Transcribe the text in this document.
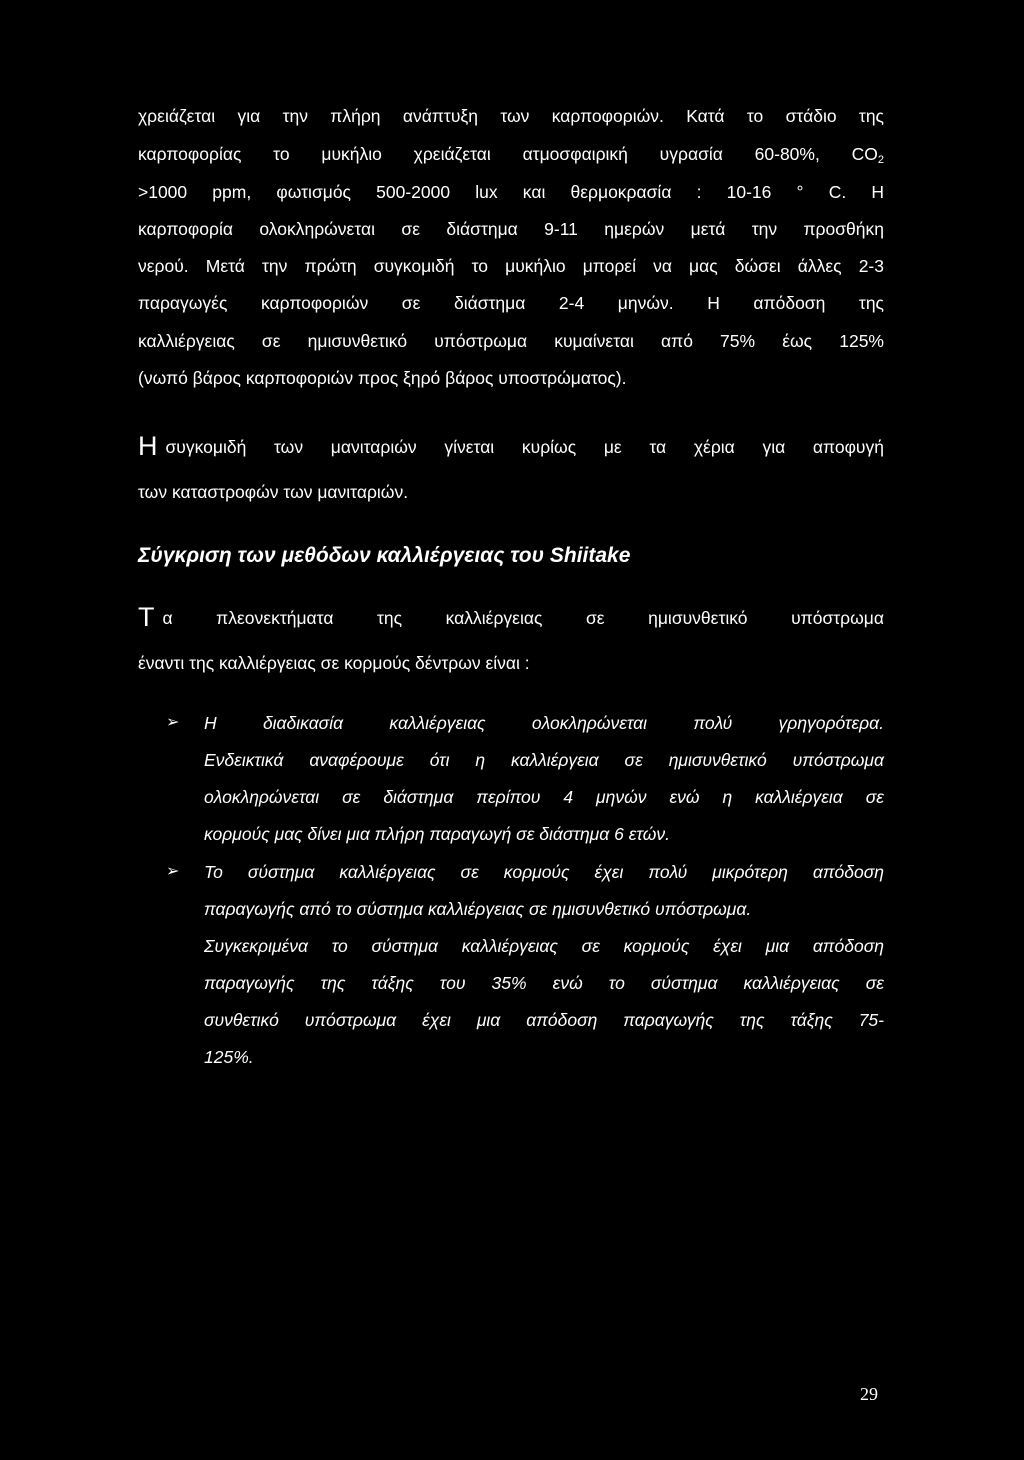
χρειάζεται για την πλήρη ανάπτυξη των καρποφοριών. Κατά το στάδιο της
καρποφορίας το μυκήλιο χρειάζεται ατμοσφαιρική υγρασία 60-80%, $CO_2$
>1000 ppm, φωτισμός 500-2000 lux και θερμοκρασία : 10-16 ° C. Η
καρποφορία ολοκληρώνεται σε διάστημα 9-11 ημερών μετά την προσθήκη
νερού. Μετά την πρώτη συγκομιδή το μυκήλιο μπορεί να μας δώσει άλλες 2-3
παραγωγές καρποφοριών σε διάστημα 2-4 μηνών. Η απόδοση της
καλλιέργειας σε ημισυνθετικό υπόστρωμα κυμαίνεται από 75% έως 125%
(νωπό βάρος καρποφοριών προς ξηρό βάρος υποστρώματος).
Ησυγκομιδή των μανιταριών γίνεται κυρίως με τα χέρια για αποφυγή
των καταστροφών των μανιταριών.
Σύγκριση των μεθόδων καλλιέργειας του Shiitake
Τα πλεονεκτήματα της καλλιέργειας σε ημισυνθετικό υπόστρωμα
έναντι της καλλιέργειας σε κορμούς δέντρων είναι :
➢ Η διαδικασία καλλιέργειας ολοκληρώνεται πολύ γρηγορότερα.
Ενδεικτικά αναφέρουμε ότι η καλλιέργεια σε ημισυνθετικό υπόστρωμα
ολοκληρώνεται σε διάστημα περίπου 4 μηνών ενώ η καλλιέργεια σε
κορμούς μας δίνει μια πλήρη παραγωγή σε διάστημα 6 ετών.
➢ Το σύστημα καλλιέργειας σε κορμούς έχει πολύ μικρότερη απόδοση
παραγωγής από το σύστημα καλλιέργειας σε ημισυνθετικό υπόστρωμα.
Συγκεκριμένα το σύστημα καλλιέργειας σε κορμούς έχει μια απόδοση
παραγωγής της τάξης του 35% ενώ το σύστημα καλλιέργειας σε
συνθετικό υπόστρωμα έχει μια απόδοση παραγωγής της τάξης 75-
125%.
29
